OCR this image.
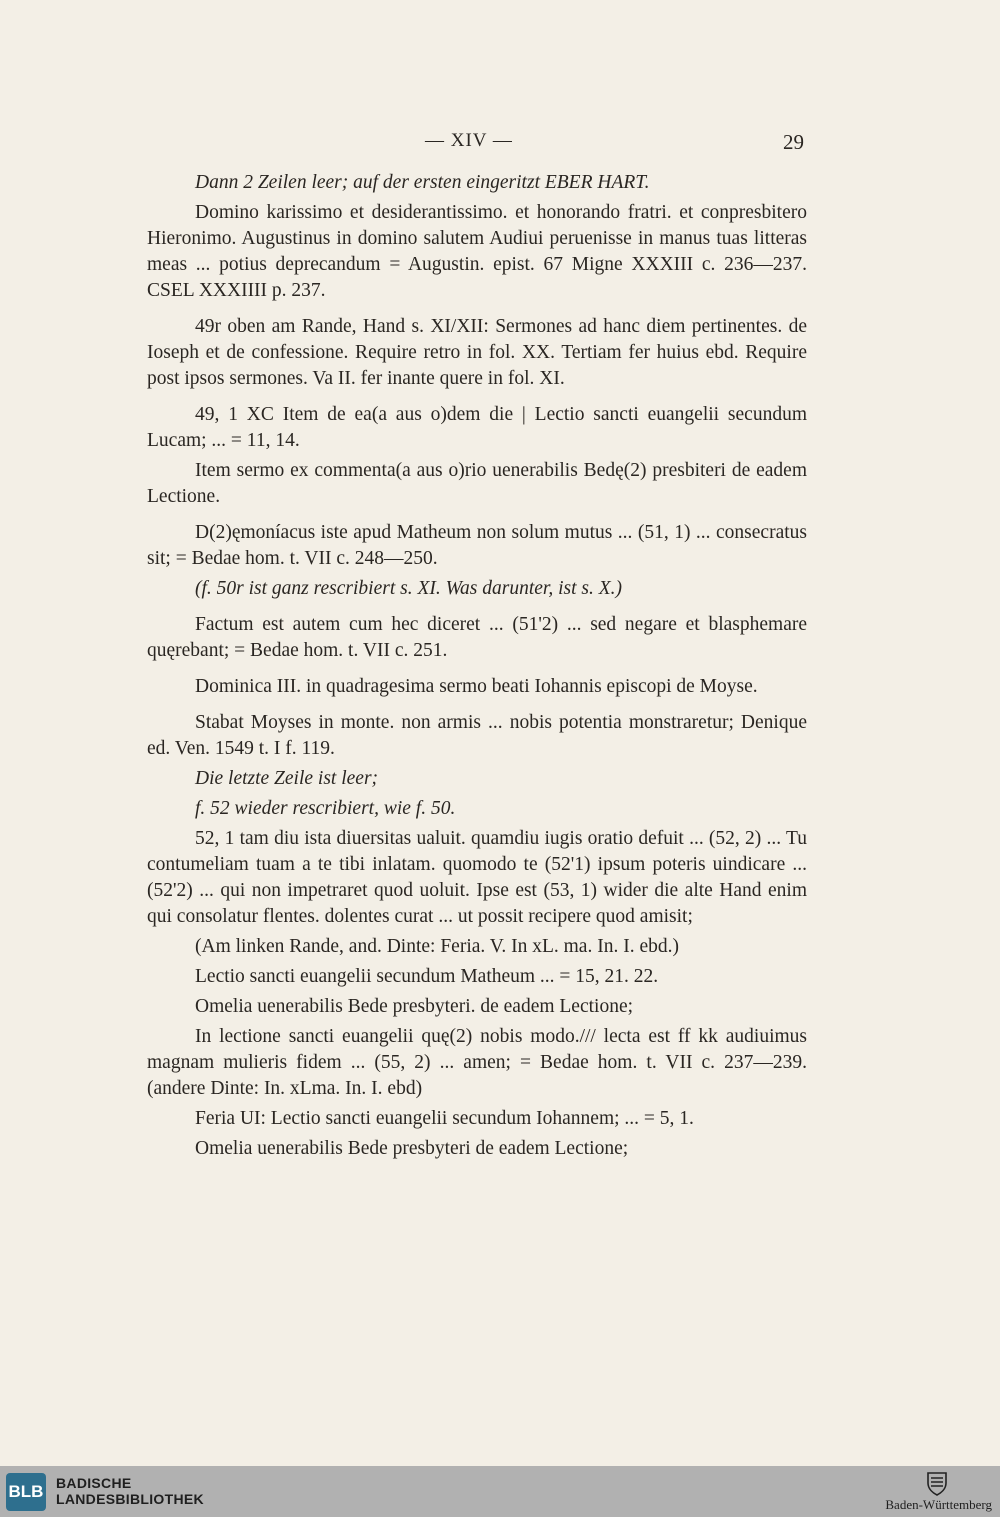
— XIV —	29

Dann 2 Zeilen leer; auf der ersten eingeritzt EBER HART.

Domino karissimo et desiderantissimo. et honorando fratri. et conpresbitero Hieronimo. Augustinus in domino salutem Audiui peruenisse in manus tuas litteras meas ... potius deprecandum = Augustin. epist. 67 Migne XXXIII c. 236—237. CSEL XXXIIII p. 237.

49r oben am Rande, Hand s. XI/XII: Sermones ad hanc diem pertinentes. de Ioseph et de confessione. Require retro in fol. XX. Tertiam fer huius ebd. Require post ipsos sermones. Va II. fer inante quere in fol. XI.

49, 1 XC Item de ea(a aus o)dem die | Lectio sancti euangelii secundum Lucam; ... = 11, 14.

Item sermo ex commenta(a aus o)rio uenerabilis Bedę(2) presbiteri de eadem Lectione.

D(2)ęmoníacus iste apud Matheum non solum mutus ... (51, 1) ... consecratus sit; = Bedae hom. t. VII c. 248—250.

(f. 50r ist ganz rescribiert s. XI. Was darunter, ist s. X.)

Factum est autem cum hec diceret ... (51'2) ... sed negare et blasphemare quęrebant; = Bedae hom. t. VII c. 251.

Dominica III. in quadragesima sermo beati Iohannis episcopi de Moyse.

Stabat Moyses in monte. non armis ... nobis potentia monstraretur; Denique ed. Ven. 1549 t. I f. 119.

Die letzte Zeile ist leer;

f. 52 wieder rescribiert, wie f. 50.

52, 1 tam diu ista diuersitas ualuit. quamdiu iugis oratio defuit ... (52, 2) ... Tu contumeliam tuam a te tibi inlatam. quomodo te (52'1) ipsum poteris uindicare ... (52'2) ... qui non impetraret quod uoluit. Ipse est (53, 1) wider die alte Hand enim qui consolatur flentes. dolentes curat ... ut possit recipere quod amisit;

(Am linken Rande, and. Dinte: Feria. V. In xL. ma. In. I. ebd.)

Lectio sancti euangelii secundum Matheum ... = 15, 21. 22.

Omelia uenerabilis Bede presbyteri. de eadem Lectione;

In lectione sancti euangelii quę(2) nobis modo./// lecta est ff kk audiuimus magnam mulieris fidem ... (55, 2) ... amen; = Bedae hom. t. VII c. 237—239. (andere Dinte: In. xLma. In. I. ebd)

Feria UI: Lectio sancti euangelii secundum Iohannem; ... = 5, 1.

Omelia uenerabilis Bede presbyteri de eadem Lectione;

BLB BADISCHE
LANDESBIBLIOTHEK	Baden-Württemberg
